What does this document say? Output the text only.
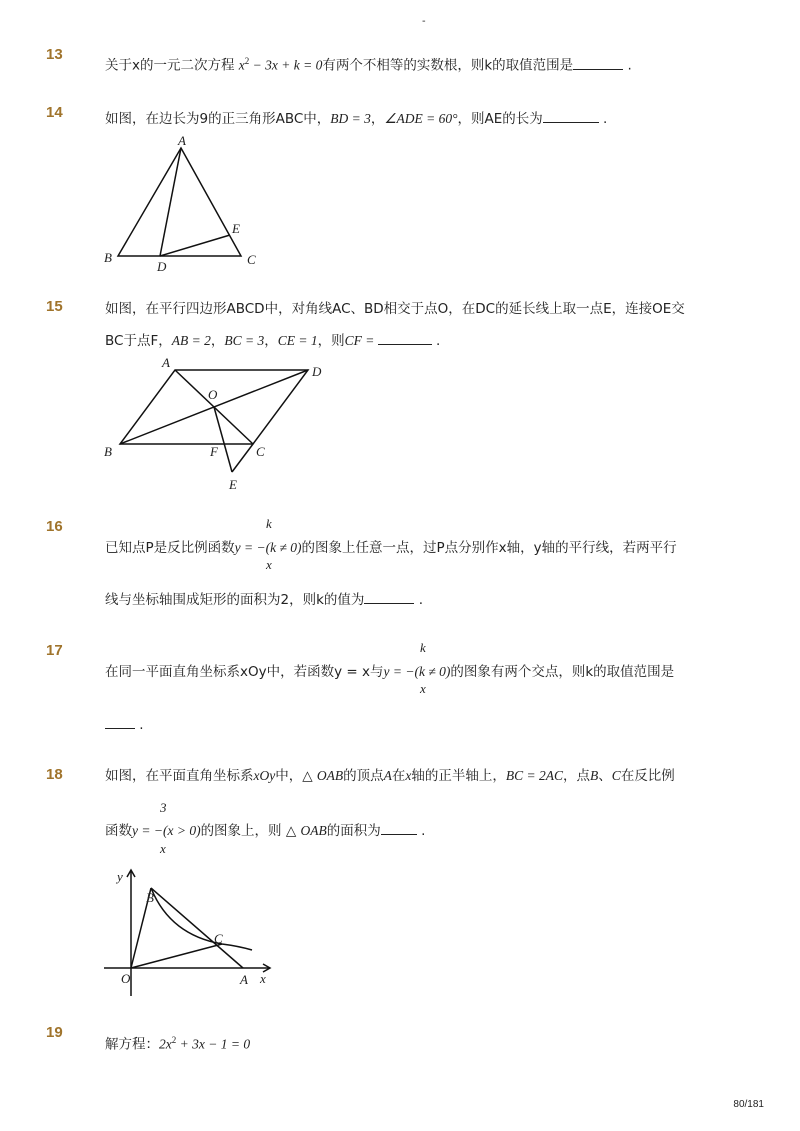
-
13
关于x的一元二次方程 $x^2 - 3x + k = 0$有两个不相等的实数根，则k的取值范围是	.
14	如图，在边长为9的正三角形ABC中，BD = 3，∠ADE = 60°，则AE的长为	.
A
B	C
D
E
15	如图，在平行四边形ABCD中，对角线AC、BD相交于点O，在DC的延长线上取一点E，连接OE交
BC于点F，AB = 2，BC = 3，CE = 1，则CF =	.
A
D
B	C
O
F
E
16	k
x
已知点P是反比例函数y = −(k ≠ 0)的图象上任意一点，过P点分别作x轴，y轴的平行线，若两平行
线与坐标轴围成矩形的面积为2，则k的值为	.
17	k
x
在同一平面直角坐标系xOy中，若函数y = x与y = −(k ≠ 0)的图象有两个交点，则k的取值范围是
.
18	如图，在平面直角坐标系xOy中，△ OAB的顶点A在x轴的正半轴上，BC = 2AC，点B、C在反比例
3
x
函数y = −(x > 0)的图象上，则 △ OAB的面积为	.
y
x
O	A
B
C
19
解方程：$2x^2 + 3x - 1 = 0$
80/181
